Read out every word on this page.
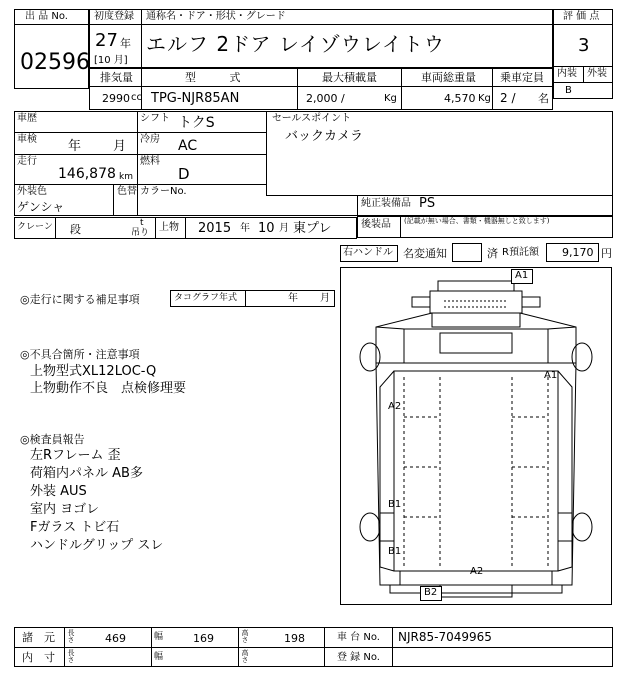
出 品 No.
02596
初度登録 通称名・ドア・形状・グレード
27 年
[10 月]
エルフ 2ドア レイゾウレイトウ
評 価 点
3
内装 外装
B
排気量	型 式	最大積載量	車両総重量 乗車定員
2990 cc TPG-NJR85AN	2,000 /	Kg	4,570 Kg 2 / 名
車歴	シフト トクS
車検 年 月 冷房 AC
走行
146,878 km
燃料
D
外装色	色替 カラーNo.
ゲンシャ
セールスポイント
バックカメラ
純正装備品 PS
後装品 (記載が無い場合、書類・機器無しと致します)
クレーン 段	t
吊り 上物 2015 年 10 月 東プレ
右ハンドル 名変通知	済 R預託額 9,170 円
◎走行に関する補足事項	タコグラフ年式	年 月
◎不具合箇所・注意事項
上物型式XL12LOC-Q
上物動作不良　点検修理要
◎検査員報告
左Rフレーム 歪
荷箱内パネル AB多
外装 AUS
室内 ヨゴレ
Fガラス トビ石
ハンドルグリップ スレ
A1
A1
A2
B1
B1
A2
B2
諸　元 長さ	469	幅	169	高さ	198	車 台 No. NJR85-7049965
内　寸 長さ	幅	高さ	登 録 No.
